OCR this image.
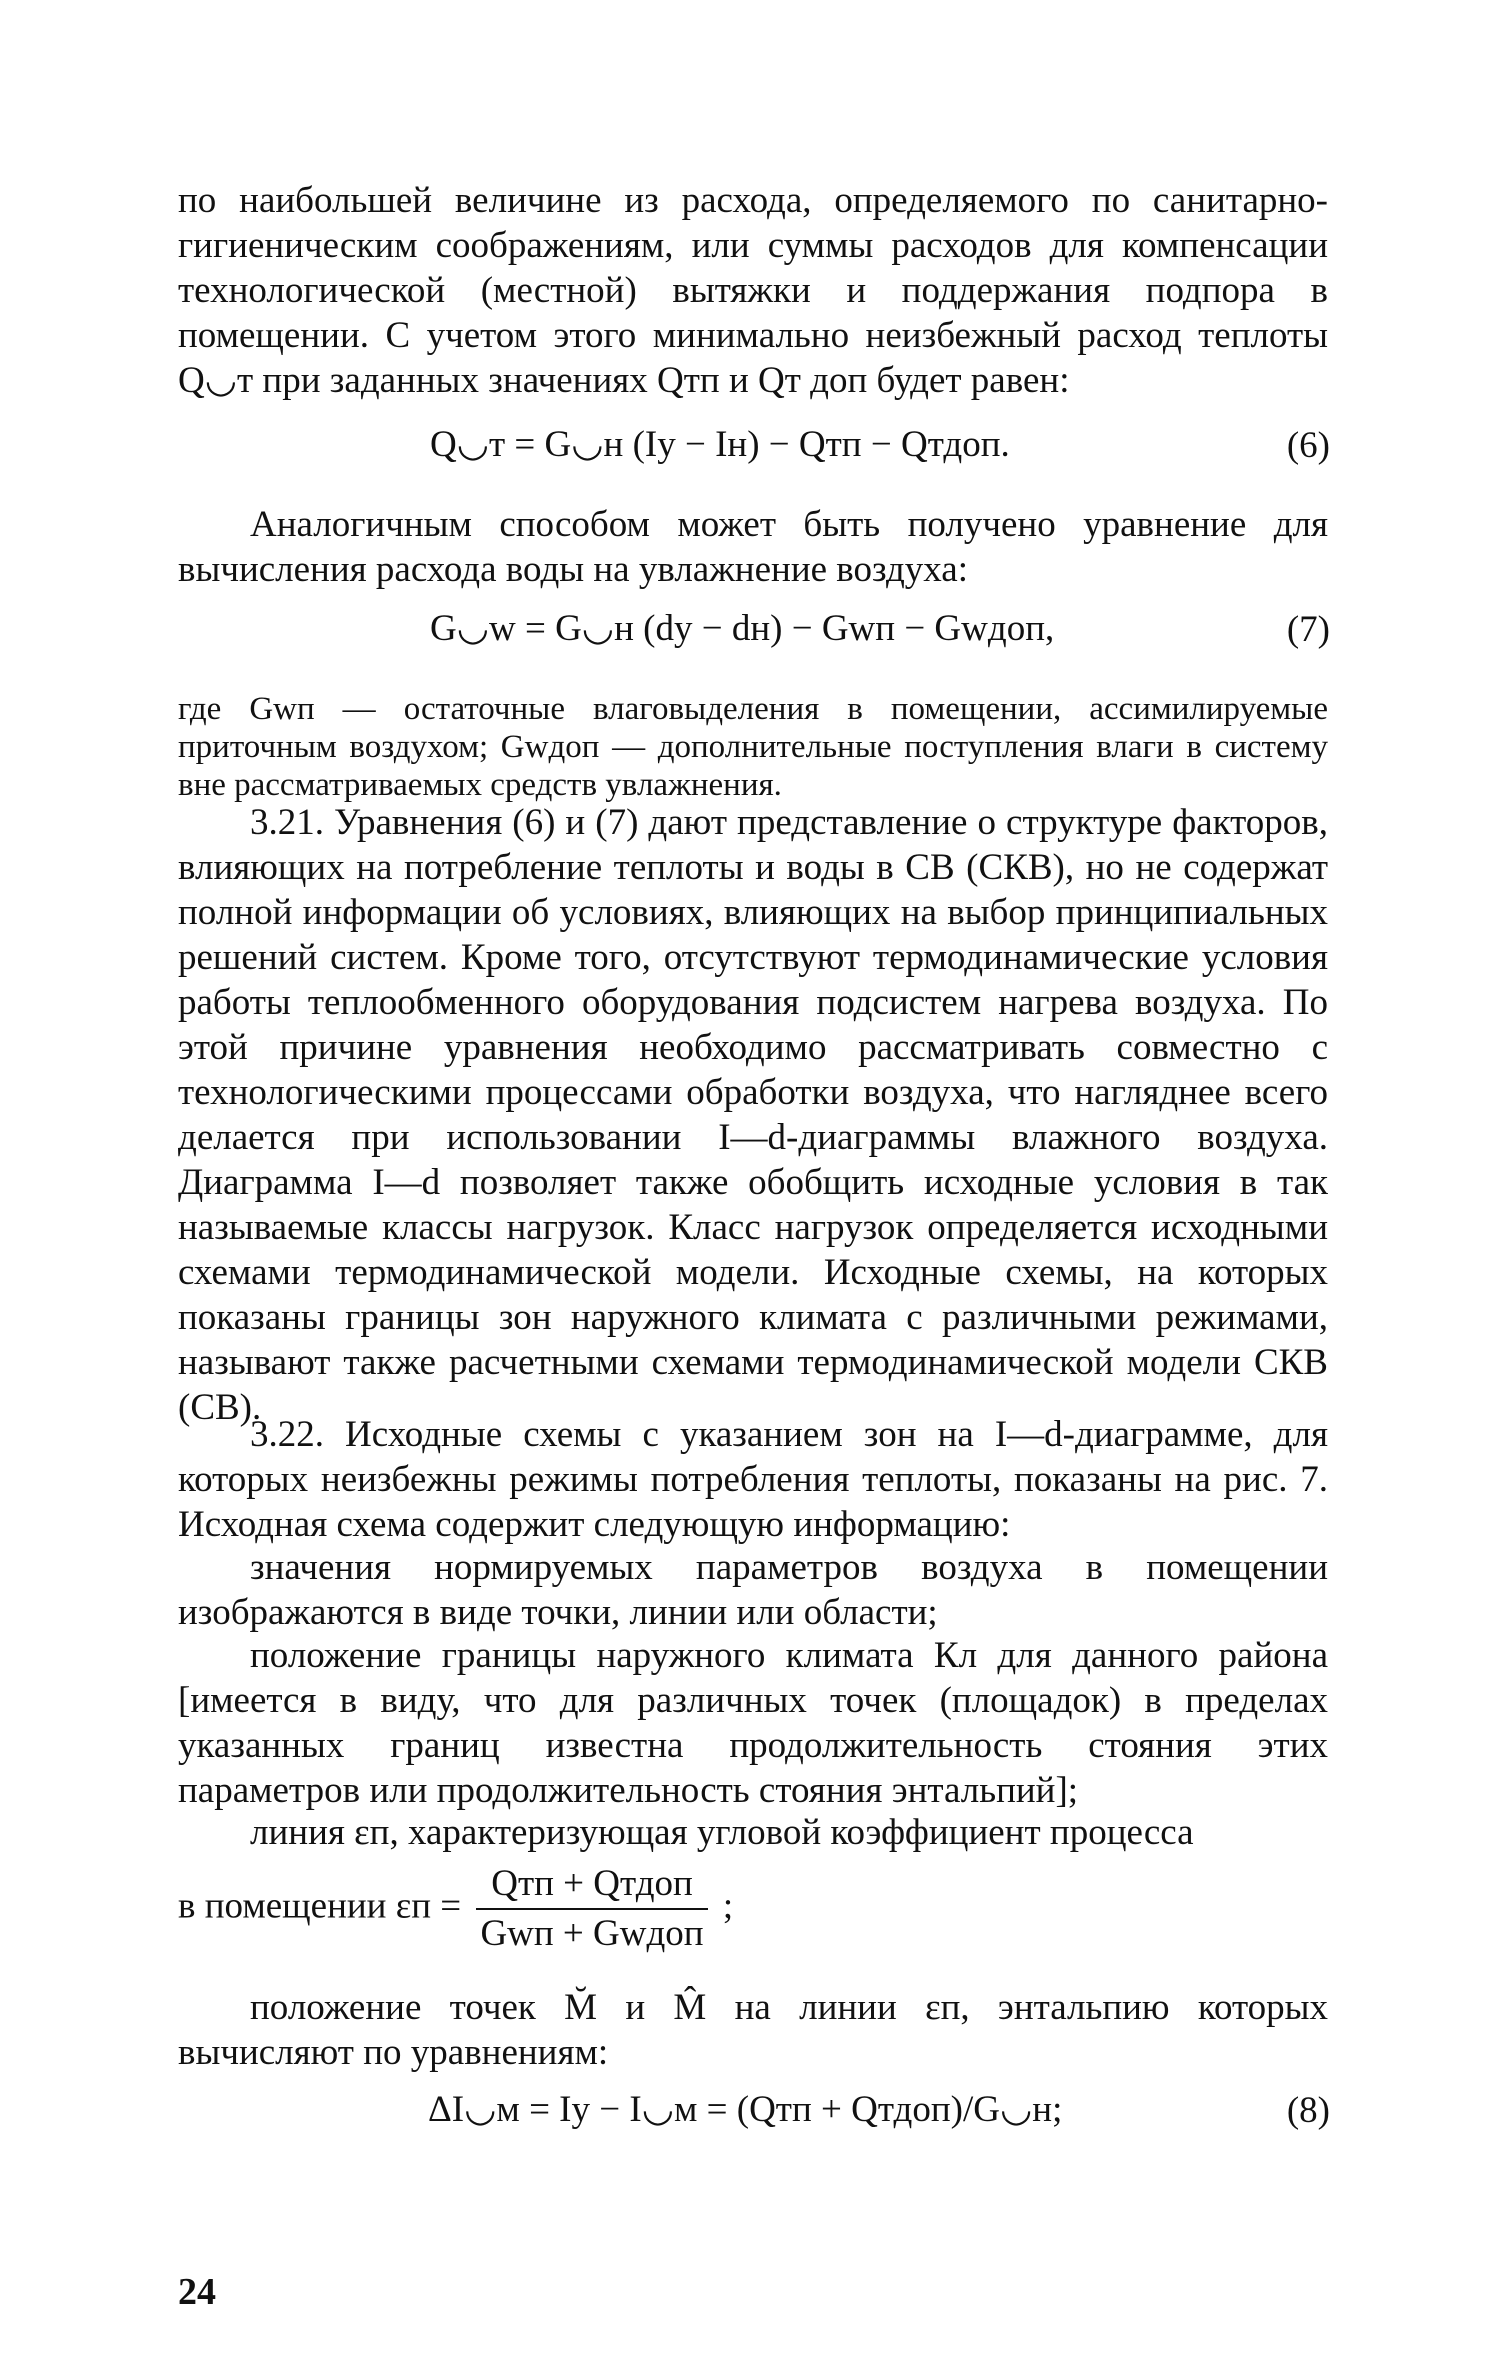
по наибольшей величине из расхода, определяемого по санитарно-гигиеническим соображениям, или суммы расходов для компенсации технологической (местной) вытяжки и поддержания подпора в помещении. С учетом этого минимально неизбежный расход теплоты Q◡т при заданных значениях Qтп и Qт доп будет равен:
Q◡т = G◡н (Iу − Iн) − Qтп − Qтдоп.	(6)
Аналогичным способом может быть получено уравнение для вычисления расхода воды на увлажнение воздуха:
G◡w = G◡н (dу − dн) − Gwп − Gwдоп,	(7)
где Gwп — остаточные влаговыделения в помещении, ассимилируемые приточным воздухом; Gwдоп — дополнительные поступления влаги в систему вне рассматриваемых средств увлажнения.
3.21. Уравнения (6) и (7) дают представление о структуре факторов, влияющих на потребление теплоты и воды в СВ (СКВ), но не содержат полной информации об условиях, влияющих на выбор принципиальных решений систем. Кроме того, отсутствуют термодинамические условия работы теплообменного оборудования подсистем нагрева воздуха. По этой причине уравнения необходимо рассматривать совместно с технологическими процессами обработки воздуха, что нагляднее всего делается при использовании I—d-диаграммы влажного воздуха. Диаграмма I—d позволяет также обобщить исходные условия в так называемые классы нагрузок. Класс нагрузок определяется исходными схемами термодинамической модели. Исходные схемы, на которых показаны границы зон наружного климата с различными режимами, называют также расчетными схемами термодинамической модели СКВ (СВ).
3.22. Исходные схемы с указанием зон на I—d-диаграмме, для которых неизбежны режимы потребления теплоты, показаны на рис. 7. Исходная схема содержит следующую информацию:
значения нормируемых параметров воздуха в помещении изображаются в виде точки, линии или области;
положение границы наружного климата Кл для данного района [имеется в виду, что для различных точек (площадок) в пределах указанных границ известна продолжительность стояния этих параметров или продолжительность стояния энтальпий];
линия εп, характеризующая угловой коэффициент процесса
в помещении $\varepsilon п = \frac{\text{Qтп + Qтдоп}}{\text{Gwп + Gwдоп}}$ ;
положение точек M̆ и M̂ на линии εп, энтальпию которых вычисляют по уравнениям:
ΔI◡м = Iу − I◡м = (Qтп + Qтдоп)/G◡н;	(8)
24
